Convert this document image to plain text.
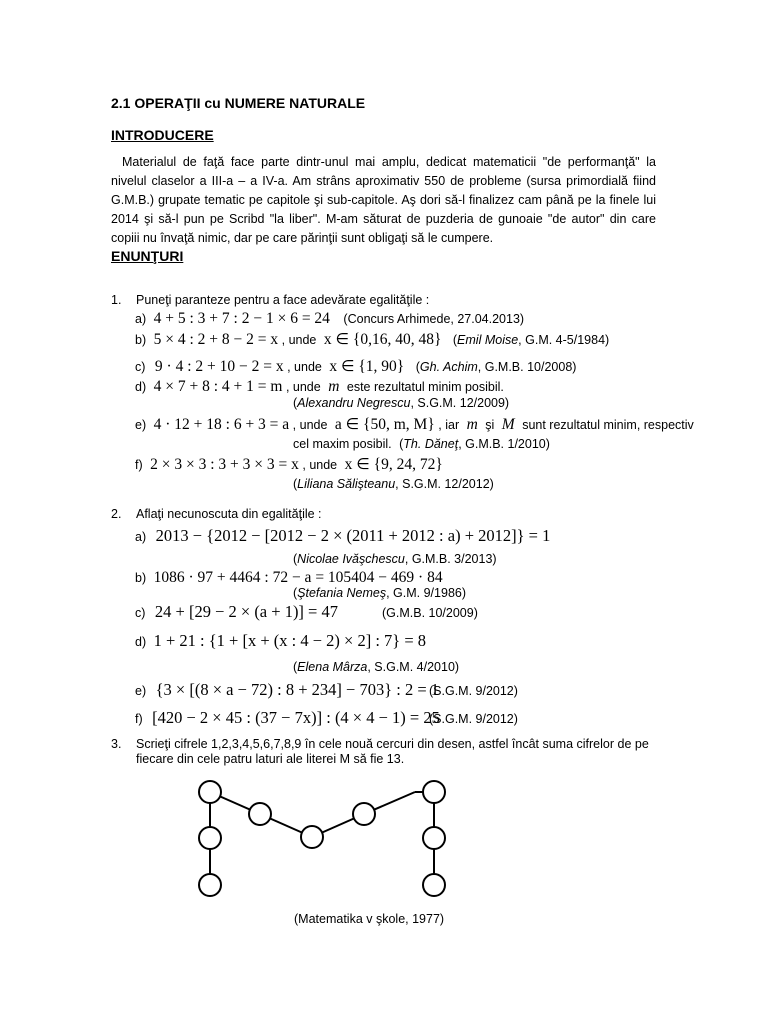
2.1 OPERAŢII cu NUMERE NATURALE
INTRODUCERE
Materialul de faţă face parte dintr-unul mai amplu, dedicat matematicii "de performanţă" la nivelul claselor a III-a – a IV-a. Am strâns aproximativ 550 de probleme (sursa primordială fiind G.M.B.) grupate tematic pe capitole şi sub-capitole. Aş dori să-l finalizez cam până pe la finele lui 2014 şi să-l pun pe Scribd "la liber". M-am săturat de puzderia de gunoaie "de autor" din care copiii nu învaţă nimic, dar pe care părinţii sunt obligaţi să le cumpere.
ENUNŢURI
1. Puneţi paranteze pentru a face adevărate egalităţile :
a) 4 + 5 : 3 + 7 : 2 − 1 × 6 = 24 (Concurs Arhimede, 27.04.2013)
b) 5 × 4 : 2 + 8 − 2 = x , unde x ∈ {0,16, 40, 48} (Emil Moise, G.M. 4-5/1984)
c) 9 · 4 : 2 + 10 − 2 = x , unde x ∈ {1, 90} (Gh. Achim, G.M.B. 10/2008)
d) 4 × 7 + 8 : 4 + 1 = m , unde m este rezultatul minim posibil.
(Alexandru Negrescu, S.G.M. 12/2009)
e) 4 · 12 + 18 : 6 + 3 = a , unde a ∈ {50, m, M} , iar m şi M sunt rezultatul minim, respectiv
cel maxim posibil. (Th. Dăneţ, G.M.B. 1/2010)
f) 2 × 3 × 3 : 3 + 3 × 3 = x , unde x ∈ {9, 24, 72}
(Liliana Sălişteanu, S.G.M. 12/2012)
2. Aflaţi necunoscuta din egalităţile :
a) 2013 − {2012 − [2012 − 2 × (2011 + 2012 : a) + 2012]} = 1
(Nicolae Ivăşchescu, G.M.B. 3/2013)
b) 1086 · 97 + 4464 : 72 − a = 105404 − 469 · 84
(Ştefania Nemeş, G.M. 9/1986)
c) 24 + [29 − 2 × (a + 1)] = 47	(G.M.B. 10/2009)
d) 1 + 21 : {1 + [x + (x : 4 − 2) × 2] : 7} = 8
(Elena Mârza, S.G.M. 4/2010)
e) {3 × [(8 × a − 72) : 8 + 234] − 703} : 2 = 1
(S.G.M. 9/2012)
f) [420 − 2 × 45 : (37 − 7x)] : (4 × 4 − 1) = 25
(S.G.M. 9/2012)
3. Scrieţi cifrele 1,2,3,4,5,6,7,8,9 în cele nouă cercuri din desen, astfel încât suma cifrelor de pe
fiecare din cele patru laturi ale literei M să fie 13.
(Matematika v şkole, 1977)
